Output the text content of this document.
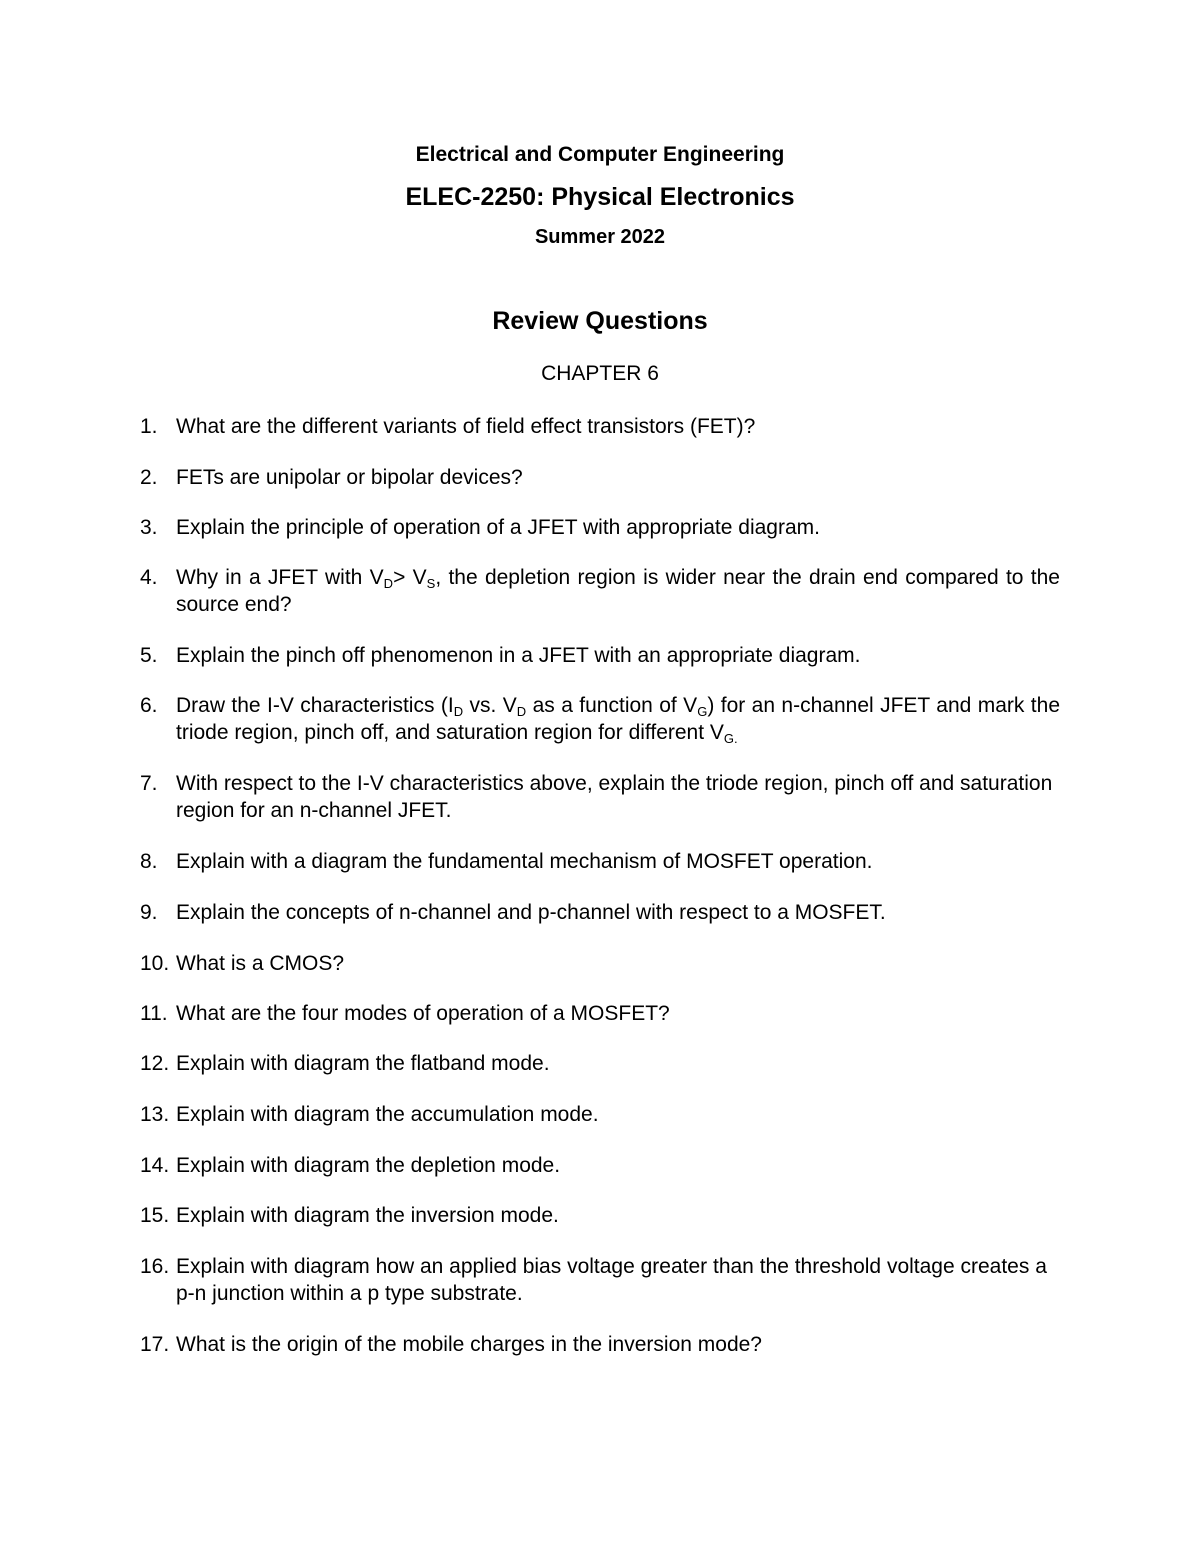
Electrical and Computer Engineering
ELEC-2250: Physical Electronics
Summer 2022
Review Questions
CHAPTER 6
1. What are the different variants of field effect transistors (FET)?
2. FETs are unipolar or bipolar devices?
3. Explain the principle of operation of a JFET with appropriate diagram.
4. Why in a JFET with $V_D> V_S$, the depletion region is wider near the drain end compared to the source end?
5. Explain the pinch off phenomenon in a JFET with an appropriate diagram.
6. Draw the I-V characteristics ($I_D$ vs. $V_D$ as a function of $V_G$) for an n-channel JFET and mark the triode region, pinch off, and saturation region for different $V_{G.}$
7. With respect to the I-V characteristics above, explain the triode region, pinch off and saturation region for an n-channel JFET.
8. Explain with a diagram the fundamental mechanism of MOSFET operation.
9. Explain the concepts of n-channel and p-channel with respect to a MOSFET.
10. What is a CMOS?
11. What are the four modes of operation of a MOSFET?
12. Explain with diagram the flatband mode.
13. Explain with diagram the accumulation mode.
14. Explain with diagram the depletion mode.
15. Explain with diagram the inversion mode.
16. Explain with diagram how an applied bias voltage greater than the threshold voltage creates a p-n junction within a p type substrate.
17. What is the origin of the mobile charges in the inversion mode?
